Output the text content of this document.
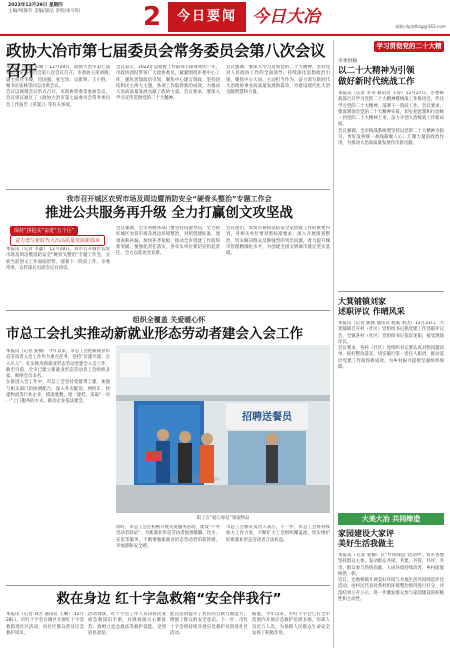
2022年12月29日 星期四
主编/周静芬 美编/梁洁 责校/朱宇阳	2	今日要闻 今日大冶	邮箱:dyrbfkzg@163.com
政协大冶市第七届委员会常务委员会第八次会议召开
本报讯（记者 朱晴 ）12月29日，政协大冶市第七届委员会常务委员会第八次会议召开。市政协主席刘晓,副主席付华俊、肖国强、张宝珍、吴新明、王小胜，秘书长张林等同志出席会议。
会议以视频会议形式召开，市政协常委等参加会议。会议审议通过了《政协大冶市第七届委员会常务委员会工作报告（草案）》等有关事项。
会议表示，2022年是政协工作取得丰硕成果的一年。市政协团结带领广大政协委员，紧紧围绕市委中心工作，强化思想政治引领，聚焦中心建言资政，坚持团结和民主两大主题，各项工作取得新的成效，为推动大冶高质量发展贡献了政协力量。会议要求，要深入学习宣传贯彻党的二十大精神。
会议强调，要深入学习贯彻党的二十大精神，坚持党对人民政协工作的全面领导，持续深化思想政治引领，聚焦中心大局，主动担当作为，奋力谱写新时代大冶政协事业高质量发展新篇章，为建设现代化大冶贡献智慧和力量。
我市召开城区农贸市场及周边暨消防安全“硬骨头整治”专题工作会
推进公共服务再升级 全力打赢创文攻坚战
保持“拼抢实”奋进“五个区”
奋力谱写新时代大冶高质量发展新篇章
本报讯（记者 李鑫） 12月28日，我市召开城区农贸市场及周边暨消防安全“硬骨头整治”专题工作会，分析当前创文工作面临形势，部署下一阶段工作。市委常委、宣传部长出席会议并讲话。
会议强调，全市各级各部门要坚持问题导向，全力抓好城区农贸市场及周边环境整治，对照创建标准，逐项查缺补漏，加快补齐短板，推动全市创建工作取得新突破。要强化责任落实，各牵头单位要切实担起责任，全力以赴攻坚克难。
会议指出，农贸市场和消防安全是创建工作的重要内容，各相关单位要对照标准要求，深入开展排查整治，切实解决群众反映强烈的突出问题，着力提升城市管理精细化水平，为创建全国文明城市奠定坚实基础。
组织全覆盖 关爱暖心怀
市总工会扎实推动新就业形态劳动者建会入会工作
本报讯（记者 张楠） 今年以来，市总工会把新就业形态劳动者入会工作作为重点任务，坚持“应建尽建、应入尽入”，扎实推进新就业形态劳动者建会入会工作，截至目前，全市已建立新就业形态劳动者工会组织多家，吸纳会员多名。
在推进入会工作中，市总工会坚持党建带工建，加强与相关部门的协调配合，深入外卖配送、网约车、快递物流等行业企业，摸清底数，逐一建档，采取“一对一”上门服务的方式，推动企业依法建会。
招聘送餐员
职工在“爱心驿站”领取物品
同时，市总工会还积极开展关爱服务活动，建设“户外劳动者驿站”，为新就业形态劳动者提供歇脚、饮水、充电等服务，不断增强新就业形态劳动者的获得感、幸福感和安全感。
市总工会相关负责人表示，下一步，市总工会将持续加大工作力度，不断扩大工会组织覆盖面，切实维护好新就业形态劳动者合法权益。
救在身边 红十字急救箱“安全伴我行”
本报讯（记者 刘芳 通讯员 王琳） 12月28日，市红十字会在城区开展红十字急救箱进社区活动，向社区群众普及应急救护知识。
活动现场，红十字会工作人员向居民发放急救知识手册，并现场演示心肺复苏、海姆立克急救法等救护技能，受到居民欢迎。
此次活动提升了居民的自救互救能力，增强了群众的安全意识。下一步，市红十字会将持续开展应急救护培训进社区活动。
据悉，今年以来，市红十字会已在全市范围内开展应急救护培训多场，培训人员近万人次，为保障人民群众生命安全发挥了积极作用。
学习贯彻党的二十大精神
市委供稿
以二十大精神为引领
做好新时代统战工作
本报讯（记者 李舟 通讯员 王涛）12月27日，市委统战部召开学习党的二十大精神暨统战工作推进会，传达学习党的二十大精神，部署下一阶段工作。会议要求，要深刻领会党的二十大精神实质，切实把思想和行动统一到党的二十大精神上来，奋力开创大冶统战工作新局面。
会议强调，全市统战系统要坚持以党的二十大精神为指引，更好发挥统一战线凝聚人心、汇聚力量的政治作用，为推动大冶高质量发展作出新贡献。
大箕铺镇刘家
述职评议 作晴风采
本报讯（记者 熊燕 通讯员 程威 刘杰）12月23日，大箕铺镇召开村（社区）党组织书记抓党建工作述职评议会，全镇各村（社区）党组织书记依次述职，接受现场评议。
会议要求，各村（社区）党组织书记要认真对照问题清单，抓好整改落实，切实履行第一责任人职责，推动基层党建工作取得新成效，为乡村振兴提供坚强组织保障。
大美大冶 共同缔造
家园建设大家评
美好生活我做主
本报讯（记者 张楠）在“共同缔造”活动中，我市各地坚持群众主体，发动群众共谋、共建、共管、共评、共享，群众参与热情高涨，人居环境持续改善，乡村面貌焕然一新。
近日，还地桥镇开展美好环境与幸福生活共同缔造评比活动，由村民代表对各村组环境整治情况进行打分，评选结果公开公示，进一步激发群众参与家园建设的积极性和主动性。
